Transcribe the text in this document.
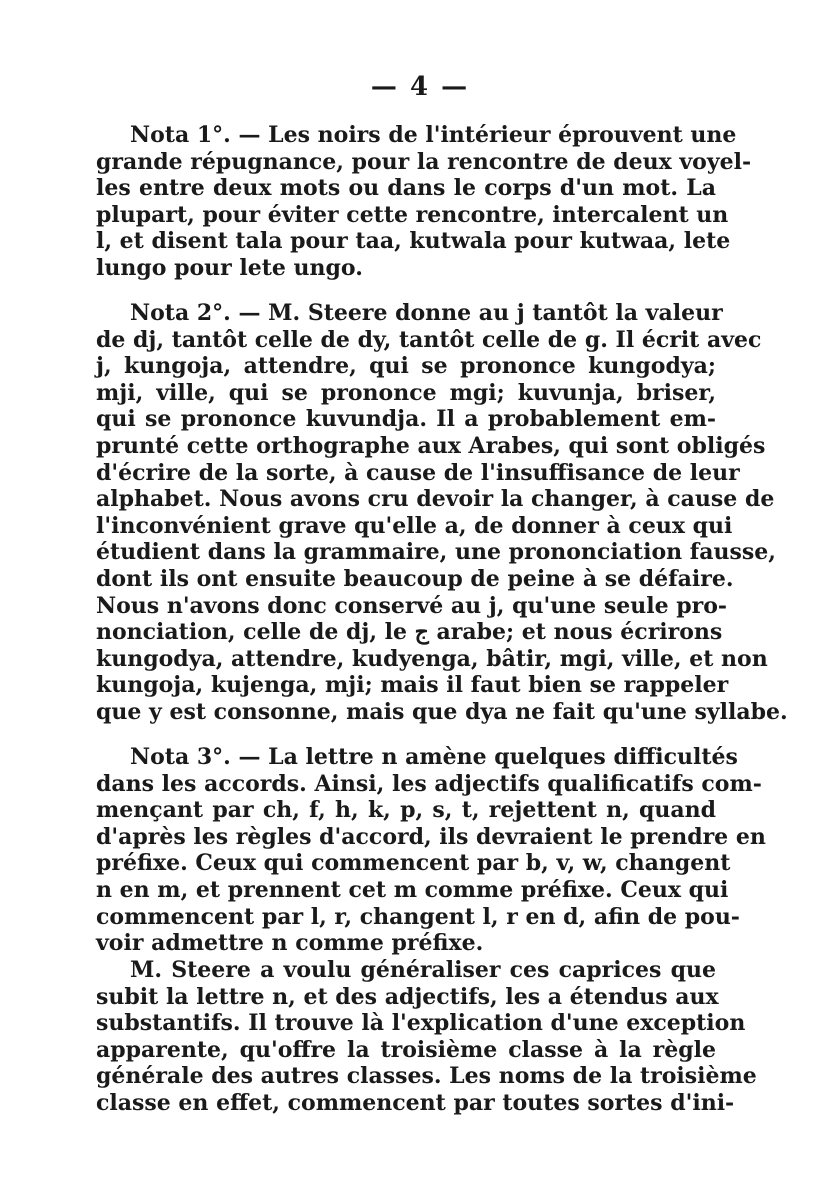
— 4 —
Nota 1°. — Les noirs de l'intérieur éprouvent une
grande répugnance, pour la rencontre de deux voyel-
les entre deux mots ou dans le corps d'un mot. La
plupart, pour éviter cette rencontre, intercalent un
l, et disent tala pour taa, kutwala pour kutwaa, lete
lungo pour lete ungo.
Nota 2°. — M. Steere donne au j tantôt la valeur
de dj, tantôt celle de dy, tantôt celle de g. Il écrit avec
j, kungoja, attendre, qui se prononce kungodya;
mji, ville, qui se prononce mgi; kuvunja, briser,
qui se prononce kuvundja. Il a probablement em-
prunté cette orthographe aux Arabes, qui sont obligés
d'écrire de la sorte, à cause de l'insuffisance de leur
alphabet. Nous avons cru devoir la changer, à cause de
l'inconvénient grave qu'elle a, de donner à ceux qui
étudient dans la grammaire, une prononciation fausse,
dont ils ont ensuite beaucoup de peine à se défaire.
Nous n'avons donc conservé au j, qu'une seule pro-
nonciation, celle de dj, le ج arabe; et nous écrirons
kungodya, attendre, kudyenga, bâtir, mgi, ville, et non
kungoja, kujenga, mji; mais il faut bien se rappeler
que y est consonne, mais que dya ne fait qu'une syllabe.
Nota 3°. — La lettre n amène quelques difficultés
dans les accords. Ainsi, les adjectifs qualificatifs com-
mençant par ch, f, h, k, p, s, t, rejettent n, quand
d'après les règles d'accord, ils devraient le prendre en
préfixe. Ceux qui commencent par b, v, w, changent
n en m, et prennent cet m comme préfixe. Ceux qui
commencent par l, r, changent l, r en d, afin de pou-
voir admettre n comme préfixe.
M. Steere a voulu généraliser ces caprices que
subit la lettre n, et des adjectifs, les a étendus aux
substantifs. Il trouve là l'explication d'une exception
apparente, qu'offre la troisième classe à la règle
générale des autres classes. Les noms de la troisième
classe en effet, commencent par toutes sortes d'ini-
